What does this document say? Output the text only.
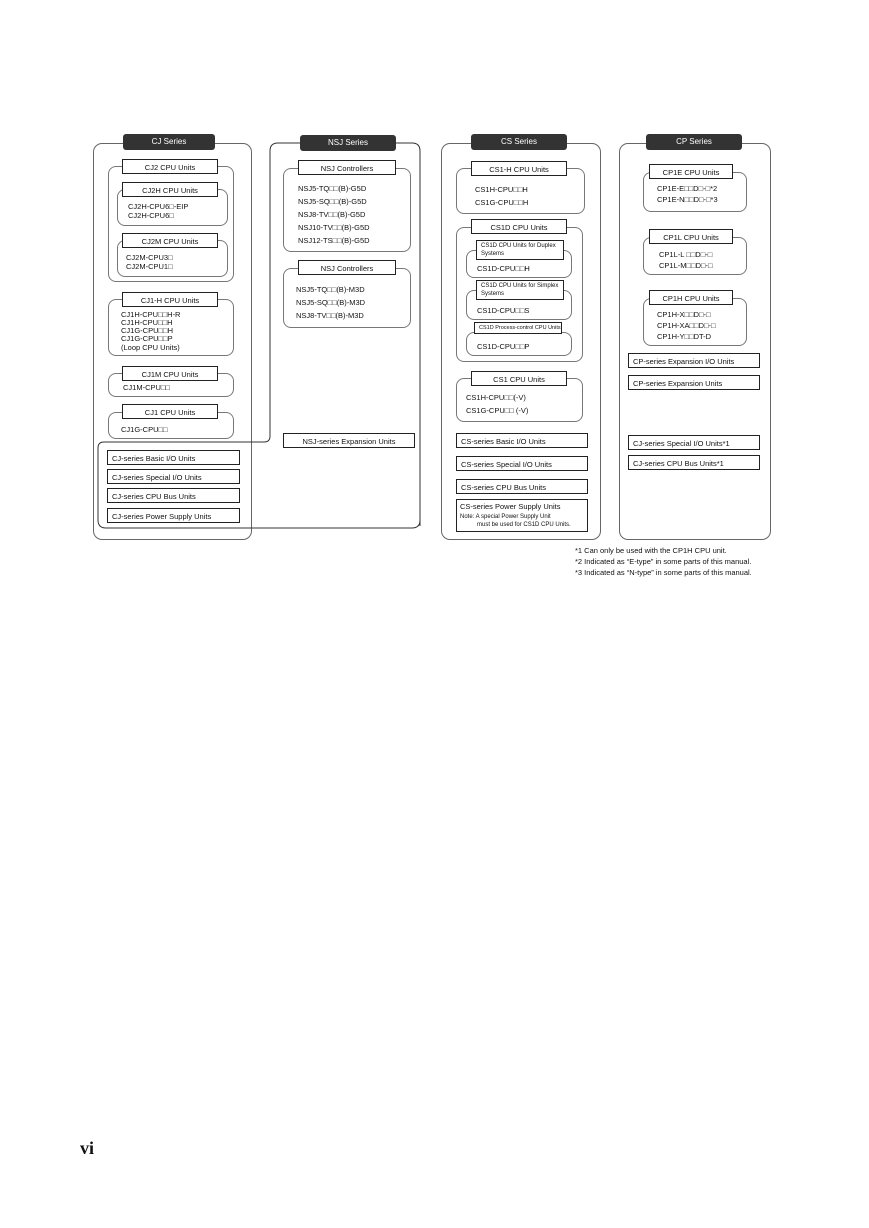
CJ Series
CJ2 CPU Units
CJ2H CPU Units
CJ2H-CPU6□-EIP
CJ2H-CPU6□
CJ2M CPU Units
CJ2M-CPU3□
CJ2M-CPU1□
CJ1-H CPU Units
CJ1H-CPU□□H-R
CJ1H-CPU□□H
CJ1G-CPU□□H
CJ1G-CPU□□P
(Loop CPU Units)
CJ1M CPU Units
CJ1M-CPU□□
CJ1 CPU Units
CJ1G-CPU□□
CJ-series Basic I/O Units
CJ-series Special I/O Units
CJ-series CPU Bus Units
CJ-series Power Supply Units
NSJ Series
NSJ Controllers
NSJ5-TQ□□(B)-G5D
NSJ5-SQ□□(B)-G5D
NSJ8-TV□□(B)-G5D
NSJ10-TV□□(B)-G5D
NSJ12-TS□□(B)-G5D
NSJ Controllers
NSJ5-TQ□□(B)-M3D
NSJ5-SQ□□(B)-M3D
NSJ8-TV□□(B)-M3D
NSJ-series Expansion Units
CS Series
CS1-H CPU Units
CS1H-CPU□□H
CS1G-CPU□□H
CS1D CPU Units
CS1D CPU Units for Duplex Systems
CS1D-CPU□□H
CS1D CPU Units for Simplex Systems
CS1D-CPU□□S
CS1D Process-control CPU Units
CS1D-CPU□□P
CS1 CPU Units
CS1H-CPU□□(-V)
CS1G-CPU□□ (-V)
CS-series Basic I/O Units
CS-series Special I/O Units
CS-series CPU Bus Units
CS-series Power Supply Units
Note: A special Power Supply Unit
must be used for CS1D CPU Units.
CP Series
CP1E CPU Units
CP1E-E□□D□-□*2
CP1E-N□□D□-□*3
CP1L CPU Units
CP1L-L □□D□-□
CP1L-M□□D□-□
CP1H CPU Units
CP1H-X□□D□-□
CP1H-XA□□D□-□
CP1H-Y□□DT-D
CP-series Expansion I/O Units
CP-series Expansion Units
CJ-series Special I/O Units*1
CJ-series CPU Bus Units*1
*1 Can only be used with the CP1H CPU unit.
*2 Indicated as “E-type” in some parts of this manual.
*3 Indicated as “N-type” in some parts of this manual.
vi
